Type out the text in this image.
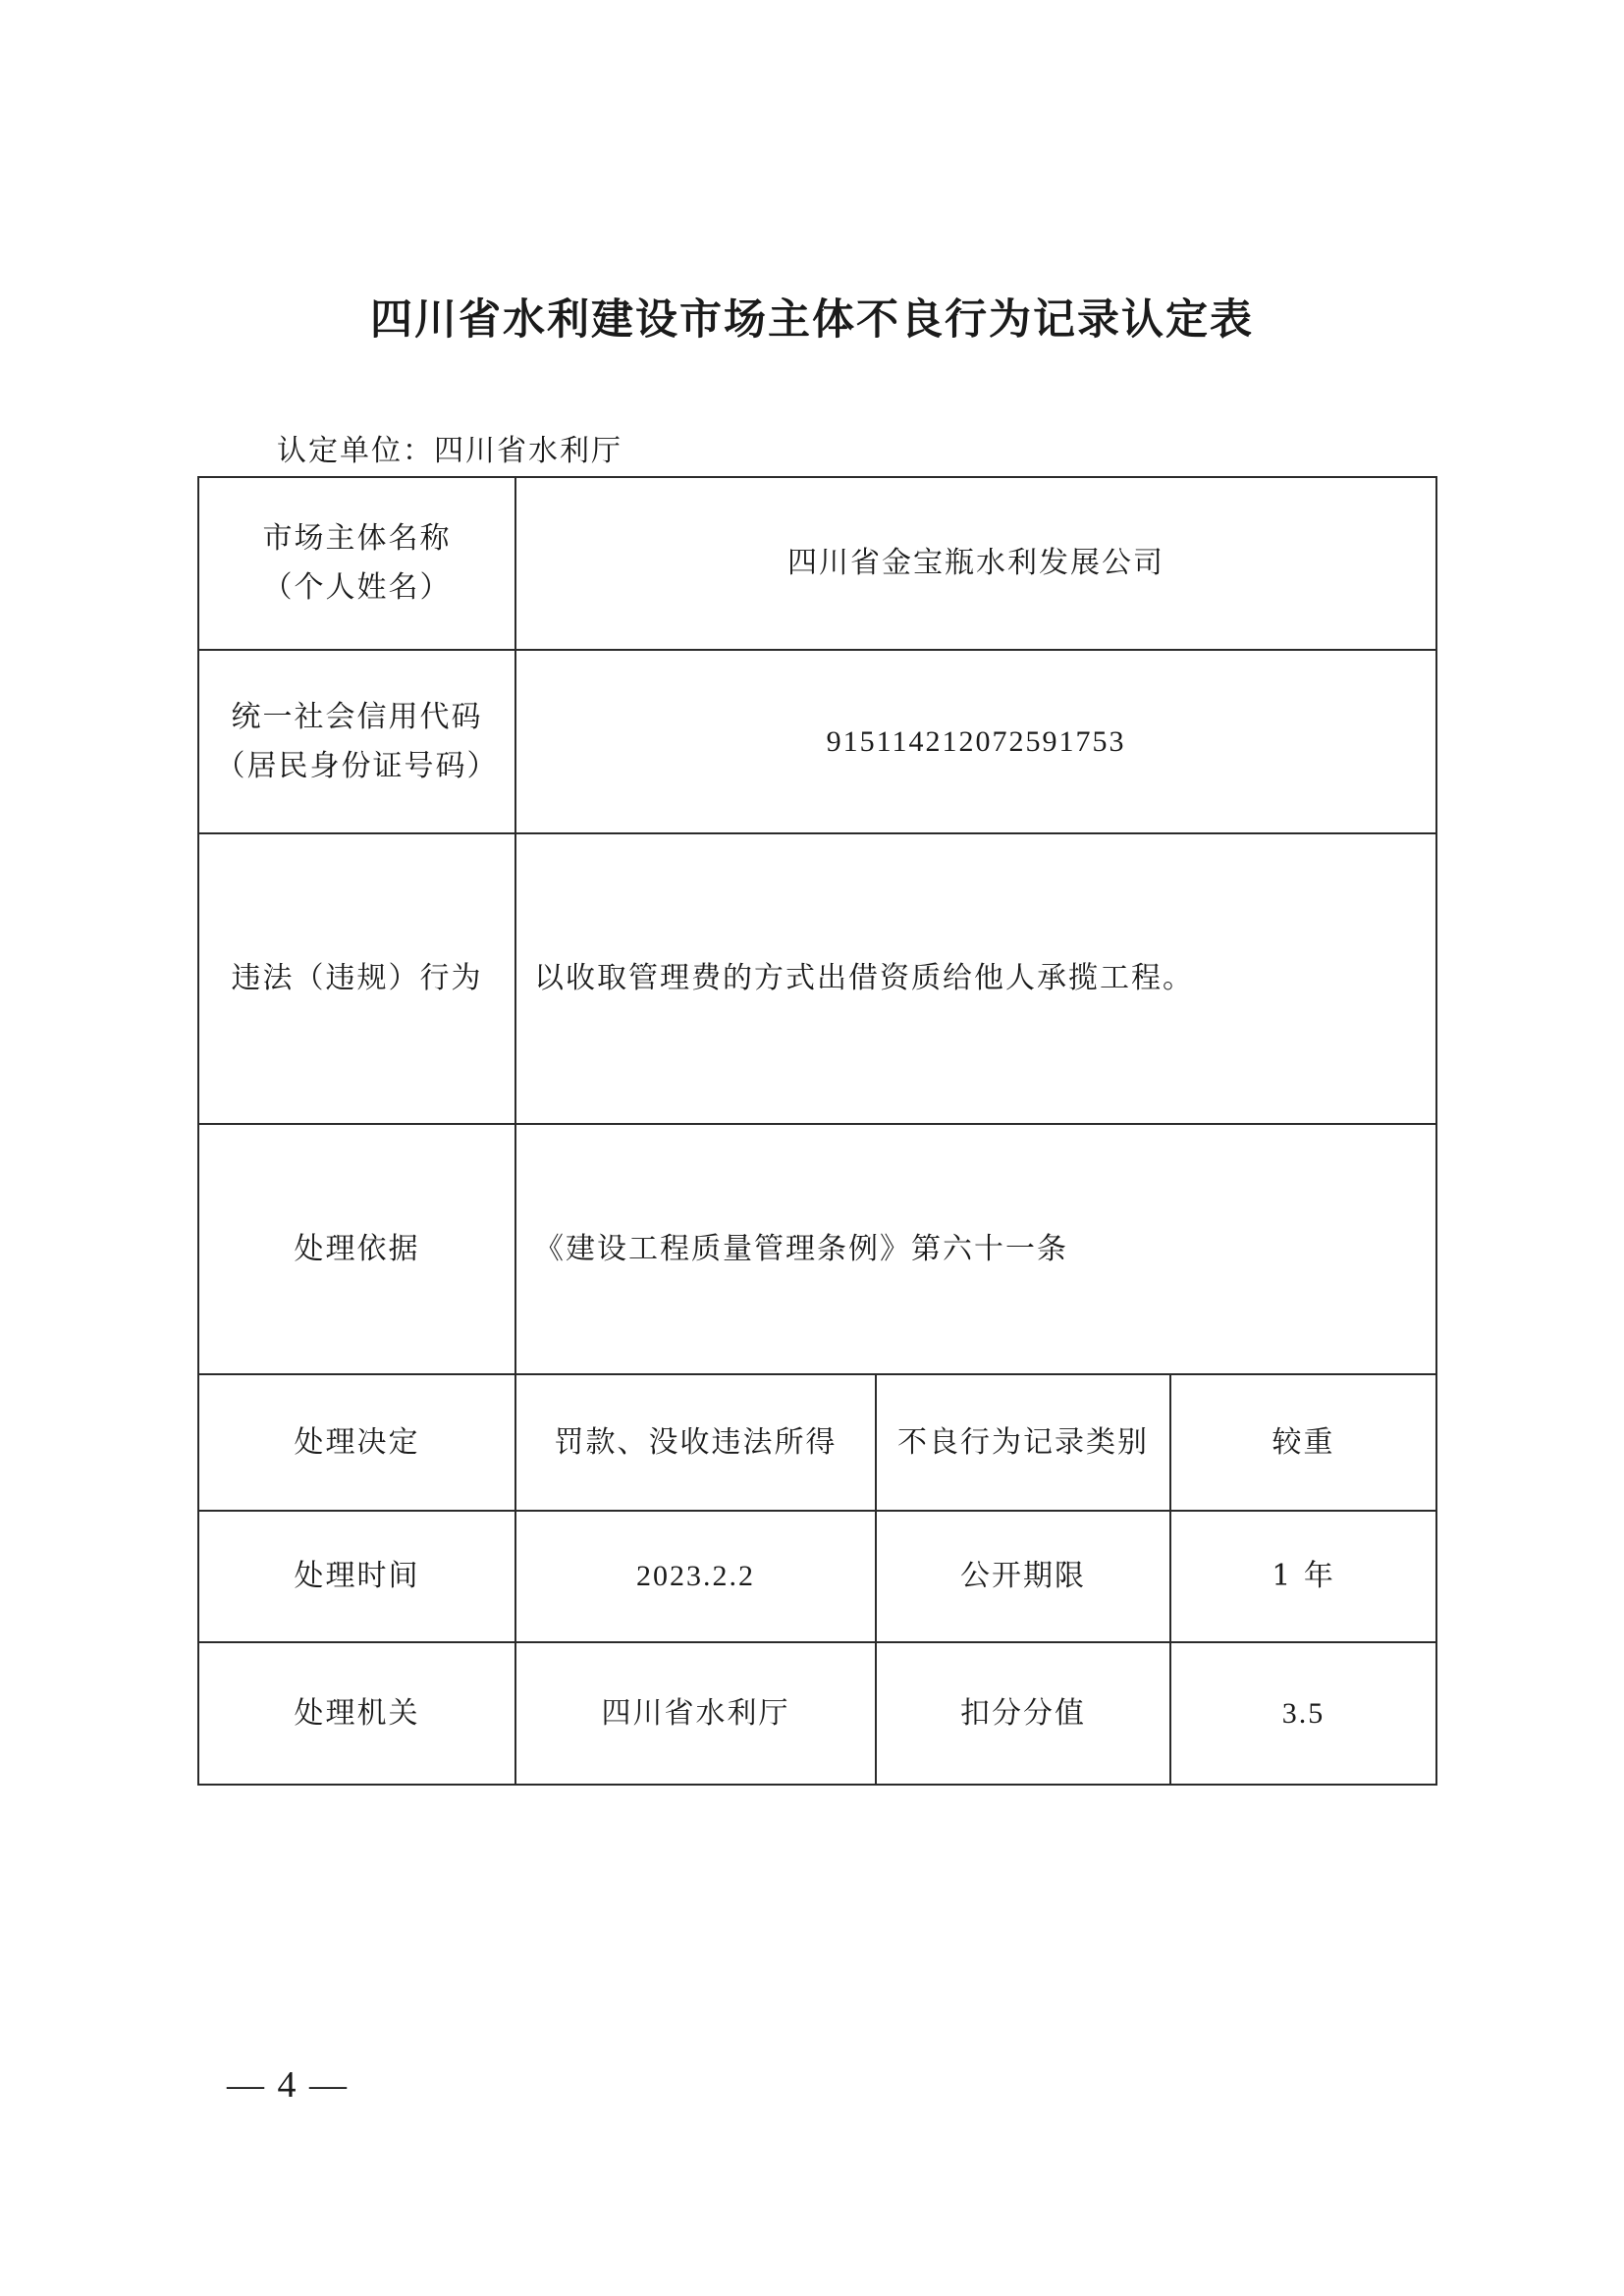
四川省水利建设市场主体不良行为记录认定表
认定单位：四川省水利厅
市场主体名称
（个人姓名）	四川省金宝瓶水利发展公司		

统一社会信用代码
（居民身份证号码）	91511421207259​1753		
违法（违规）行为	以收取管理费的方式出借资质给他人承揽工程。		
处理依据	《建设工程质量管理条例》第六十一条		
处理决定	罚款、没收违法所得	不良行为记录类别	较重
处理时间	2023.2.2	公开期限	1 年
处理机关	四川省水利厅	扣分分值	3.5
— 4 —
